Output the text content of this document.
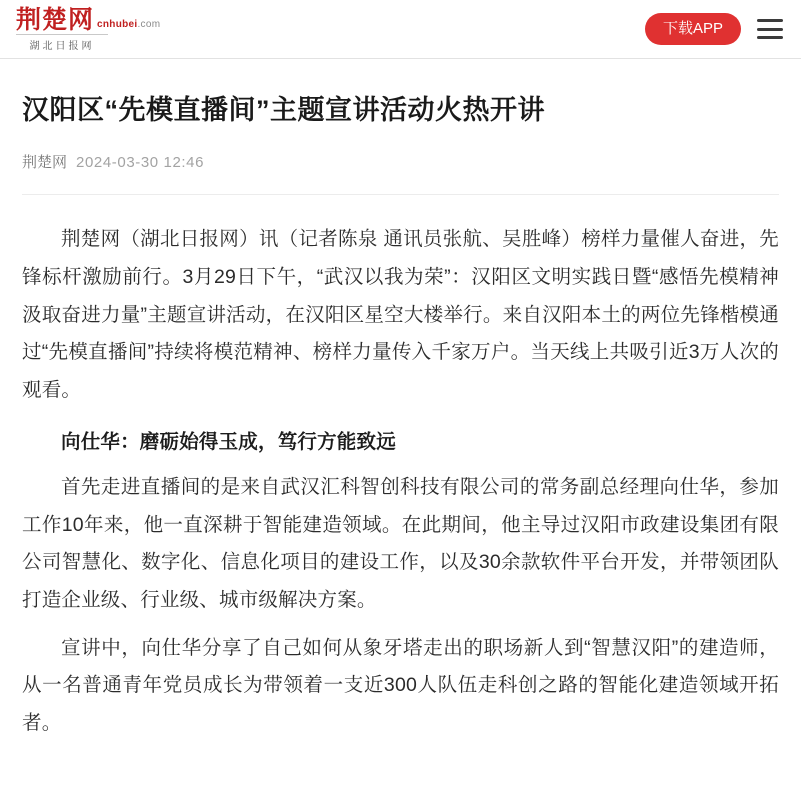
荆楚网 cnhubei.com
湖北日报网
下载APP
汉阳区“先模直播间”主题宣讲活动火热开讲
荆楚网 2024-03-30 12:46

荆楚网（湖北日报网）讯（记者陈泉 通讯员张航、吴胜峰）榜样力量催人奋进，先锋标杆激励前行。3月29日下午，“武汉以我为荣”：汉阳区文明实践日暨“感悟先模精神 汲取奋进力量”主题宣讲活动，在汉阳区星空大楼举行。来自汉阳本土的两位先锋楷模通过“先模直播间”持续将模范精神、榜样力量传入千家万户。当天线上共吸引近3万人次的观看。

向仕华：磨砺始得玉成，笃行方能致远

首先走进直播间的是来自武汉汇科智创科技有限公司的常务副总经理向仕华，参加工作10年来，他一直深耕于智能建造领域。在此期间，他主导过汉阳市政建设集团有限公司智慧化、数字化、信息化项目的建设工作，以及30余款软件平台开发，并带领团队打造企业级、行业级、城市级解决方案。

宣讲中，向仕华分享了自己如何从象牙塔走出的职场新人到“智慧汉阳”的建造师，从一名普通青年党员成长为带领着一支近300人队伍走科创之路的智能化建造领域开拓者。
